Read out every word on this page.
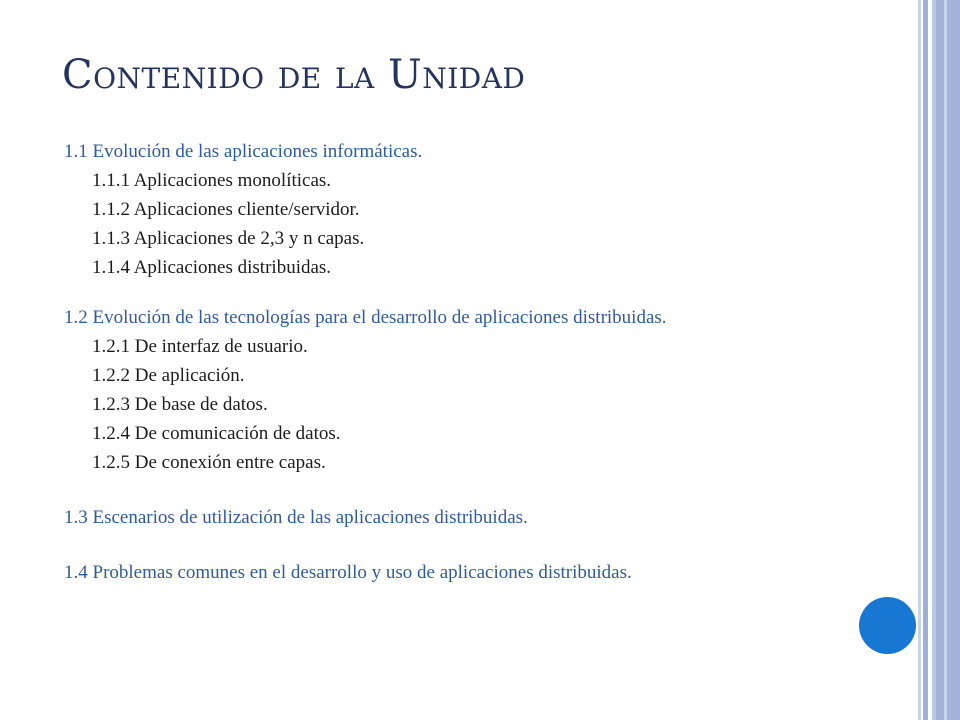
Contenido de la Unidad

1.1 Evolución de las aplicaciones informáticas.

1.1.1 Aplicaciones monolíticas.

1.1.2 Aplicaciones cliente/servidor.

1.1.3 Aplicaciones de 2,3 y n capas.

1.1.4 Aplicaciones distribuidas.

1.2 Evolución de las tecnologías para el desarrollo de aplicaciones distribuidas.

1.2.1 De interfaz de usuario.

1.2.2 De aplicación.

1.2.3 De base de datos.

1.2.4 De comunicación de datos.

1.2.5 De conexión entre capas.

1.3 Escenarios de utilización de las aplicaciones distribuidas.

1.4 Problemas comunes en el desarrollo y uso de aplicaciones distribuidas.
